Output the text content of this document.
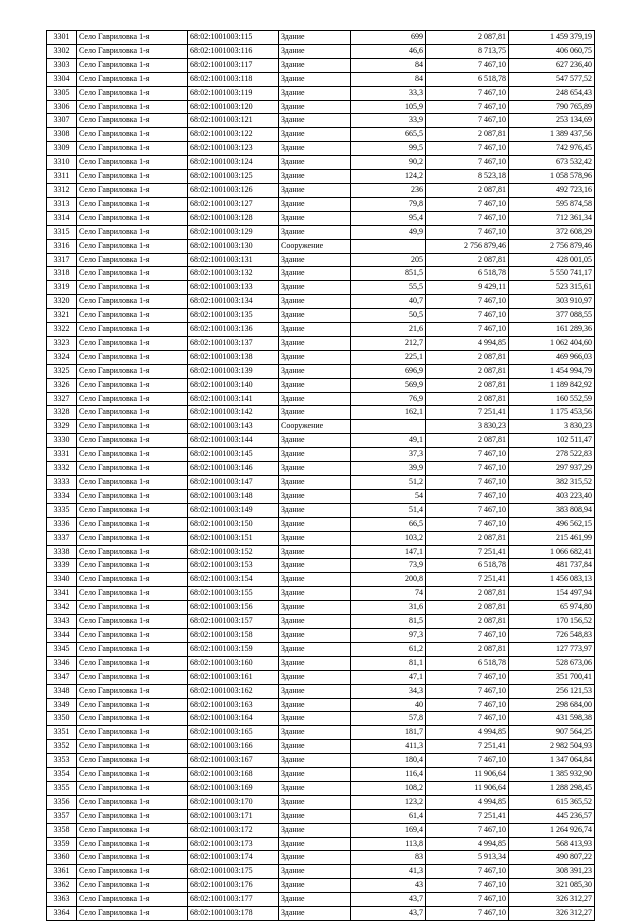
3301	Село Гавриловка 1-я	68:02:1001003:115	Здание	699	2 087,81	1 459 379,19
3302	Село Гавриловка 1-я	68:02:1001003:116	Здание	46,6	8 713,75	406 060,75
3303	Село Гавриловка 1-я	68:02:1001003:117	Здание	84	7 467,10	627 236,40
3304	Село Гавриловка 1-я	68:02:1001003:118	Здание	84	6 518,78	547 577,52
3305	Село Гавриловка 1-я	68:02:1001003:119	Здание	33,3	7 467,10	248 654,43
3306	Село Гавриловка 1-я	68:02:1001003:120	Здание	105,9	7 467,10	790 765,89
3307	Село Гавриловка 1-я	68:02:1001003:121	Здание	33,9	7 467,10	253 134,69
3308	Село Гавриловка 1-я	68:02:1001003:122	Здание	665,5	2 087,81	1 389 437,56
3309	Село Гавриловка 1-я	68:02:1001003:123	Здание	99,5	7 467,10	742 976,45
3310	Село Гавриловка 1-я	68:02:1001003:124	Здание	90,2	7 467,10	673 532,42
3311	Село Гавриловка 1-я	68:02:1001003:125	Здание	124,2	8 523,18	1 058 578,96
3312	Село Гавриловка 1-я	68:02:1001003:126	Здание	236	2 087,81	492 723,16
3313	Село Гавриловка 1-я	68:02:1001003:127	Здание	79,8	7 467,10	595 874,58
3314	Село Гавриловка 1-я	68:02:1001003:128	Здание	95,4	7 467,10	712 361,34
3315	Село Гавриловка 1-я	68:02:1001003:129	Здание	49,9	7 467,10	372 608,29
3316	Село Гавриловка 1-я	68:02:1001003:130	Сооружение		2 756 879,46	2 756 879,46
3317	Село Гавриловка 1-я	68:02:1001003:131	Здание	205	2 087,81	428 001,05
3318	Село Гавриловка 1-я	68:02:1001003:132	Здание	851,5	6 518,78	5 550 741,17
3319	Село Гавриловка 1-я	68:02:1001003:133	Здание	55,5	9 429,11	523 315,61
3320	Село Гавриловка 1-я	68:02:1001003:134	Здание	40,7	7 467,10	303 910,97
3321	Село Гавриловка 1-я	68:02:1001003:135	Здание	50,5	7 467,10	377 088,55
3322	Село Гавриловка 1-я	68:02:1001003:136	Здание	21,6	7 467,10	161 289,36
3323	Село Гавриловка 1-я	68:02:1001003:137	Здание	212,7	4 994,85	1 062 404,60
3324	Село Гавриловка 1-я	68:02:1001003:138	Здание	225,1	2 087,81	469 966,03
3325	Село Гавриловка 1-я	68:02:1001003:139	Здание	696,9	2 087,81	1 454 994,79
3326	Село Гавриловка 1-я	68:02:1001003:140	Здание	569,9	2 087,81	1 189 842,92
3327	Село Гавриловка 1-я	68:02:1001003:141	Здание	76,9	2 087,81	160 552,59
3328	Село Гавриловка 1-я	68:02:1001003:142	Здание	162,1	7 251,41	1 175 453,56
3329	Село Гавриловка 1-я	68:02:1001003:143	Сооружение		3 830,23	3 830,23
3330	Село Гавриловка 1-я	68:02:1001003:144	Здание	49,1	2 087,81	102 511,47
3331	Село Гавриловка 1-я	68:02:1001003:145	Здание	37,3	7 467,10	278 522,83
3332	Село Гавриловка 1-я	68:02:1001003:146	Здание	39,9	7 467,10	297 937,29
3333	Село Гавриловка 1-я	68:02:1001003:147	Здание	51,2	7 467,10	382 315,52
3334	Село Гавриловка 1-я	68:02:1001003:148	Здание	54	7 467,10	403 223,40
3335	Село Гавриловка 1-я	68:02:1001003:149	Здание	51,4	7 467,10	383 808,94
3336	Село Гавриловка 1-я	68:02:1001003:150	Здание	66,5	7 467,10	496 562,15
3337	Село Гавриловка 1-я	68:02:1001003:151	Здание	103,2	2 087,81	215 461,99
3338	Село Гавриловка 1-я	68:02:1001003:152	Здание	147,1	7 251,41	1 066 682,41
3339	Село Гавриловка 1-я	68:02:1001003:153	Здание	73,9	6 518,78	481 737,84
3340	Село Гавриловка 1-я	68:02:1001003:154	Здание	200,8	7 251,41	1 456 083,13
3341	Село Гавриловка 1-я	68:02:1001003:155	Здание	74	2 087,81	154 497,94
3342	Село Гавриловка 1-я	68:02:1001003:156	Здание	31,6	2 087,81	65 974,80
3343	Село Гавриловка 1-я	68:02:1001003:157	Здание	81,5	2 087,81	170 156,52
3344	Село Гавриловка 1-я	68:02:1001003:158	Здание	97,3	7 467,10	726 548,83
3345	Село Гавриловка 1-я	68:02:1001003:159	Здание	61,2	2 087,81	127 773,97
3346	Село Гавриловка 1-я	68:02:1001003:160	Здание	81,1	6 518,78	528 673,06
3347	Село Гавриловка 1-я	68:02:1001003:161	Здание	47,1	7 467,10	351 700,41
3348	Село Гавриловка 1-я	68:02:1001003:162	Здание	34,3	7 467,10	256 121,53
3349	Село Гавриловка 1-я	68:02:1001003:163	Здание	40	7 467,10	298 684,00
3350	Село Гавриловка 1-я	68:02:1001003:164	Здание	57,8	7 467,10	431 598,38
3351	Село Гавриловка 1-я	68:02:1001003:165	Здание	181,7	4 994,85	907 564,25
3352	Село Гавриловка 1-я	68:02:1001003:166	Здание	411,3	7 251,41	2 982 504,93
3353	Село Гавриловка 1-я	68:02:1001003:167	Здание	180,4	7 467,10	1 347 064,84
3354	Село Гавриловка 1-я	68:02:1001003:168	Здание	116,4	11 906,64	1 385 932,90
3355	Село Гавриловка 1-я	68:02:1001003:169	Здание	108,2	11 906,64	1 288 298,45
3356	Село Гавриловка 1-я	68:02:1001003:170	Здание	123,2	4 994,85	615 365,52
3357	Село Гавриловка 1-я	68:02:1001003:171	Здание	61,4	7 251,41	445 236,57
3358	Село Гавриловка 1-я	68:02:1001003:172	Здание	169,4	7 467,10	1 264 926,74
3359	Село Гавриловка 1-я	68:02:1001003:173	Здание	113,8	4 994,85	568 413,93
3360	Село Гавриловка 1-я	68:02:1001003:174	Здание	83	5 913,34	490 807,22
3361	Село Гавриловка 1-я	68:02:1001003:175	Здание	41,3	7 467,10	308 391,23
3362	Село Гавриловка 1-я	68:02:1001003:176	Здание	43	7 467,10	321 085,30
3363	Село Гавриловка 1-я	68:02:1001003:177	Здание	43,7	7 467,10	326 312,27
3364	Село Гавриловка 1-я	68:02:1001003:178	Здание	43,7	7 467,10	326 312,27
